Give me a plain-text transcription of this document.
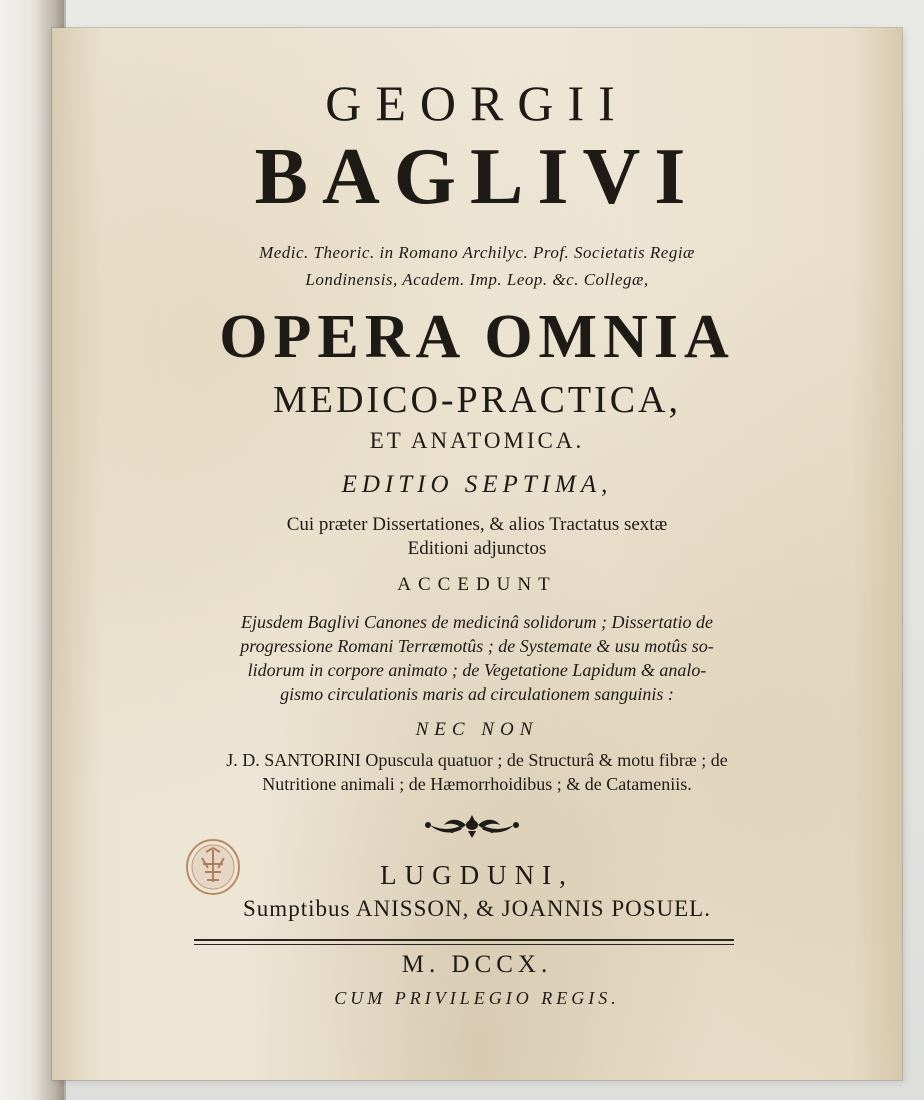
GEORGII
BAGLIVI
Medic. Theoric. in Romano Archilyc. Prof. Societatis Regiæ
Londinensis, Academ. Imp. Leop. &c. Collegæ,
OPERA OMNIA
MEDICO-PRACTICA,
ET ANATOMICA.
EDITIO SEPTIMA,
Cui præter Dissertationes, & alios Tractatus sextæ
Editioni adjunctos
ACCEDUNT
Ejusdem Baglivi Canones de medicinâ solidorum ; Dissertatio de
progressione Romani Terræmotûs ; de Systemate & usu motûs so-
lidorum in corpore animato ; de Vegetatione Lapidum & analo-
gismo circulationis maris ad circulationem sanguinis :
NEC NON
J. D. SANTORINI Opuscula quatuor ; de Structurâ & motu fibræ ; de
Nutritione animali ; de Hæmorrhoidibus ; & de Catameniis.
LUGDUNI,
Sumptibus ANISSON, & JOANNIS POSUEL.
M. DCCX.
CUM PRIVILEGIO REGIS.
